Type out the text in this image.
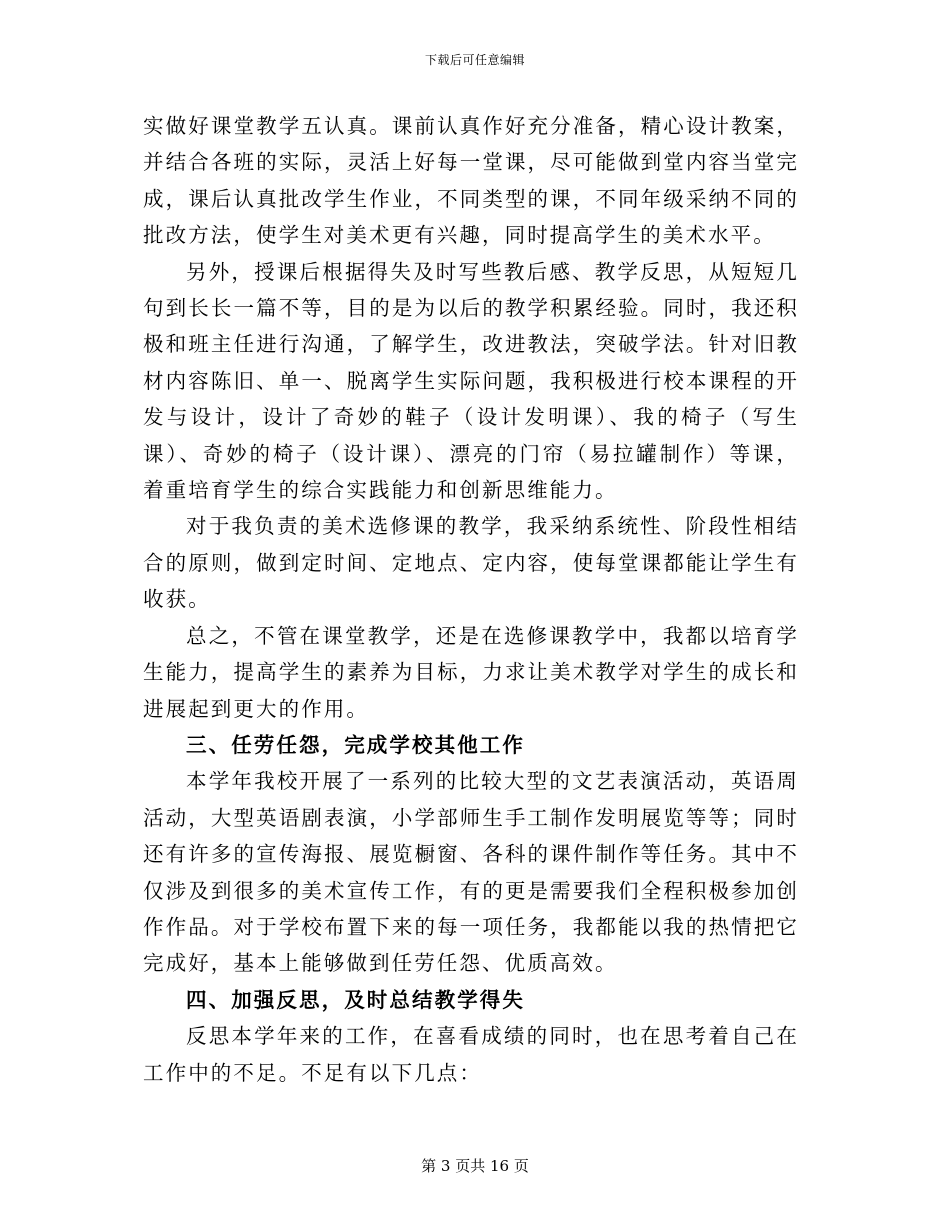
下载后可任意编辑

实做好课堂教学五认真。课前认真作好充分准备，精心设计教案，并结合各班的实际，灵活上好每一堂课，尽可能做到堂内容当堂完成，课后认真批改学生作业，不同类型的课，不同年级采纳不同的批改方法，使学生对美术更有兴趣，同时提高学生的美术水平。

另外，授课后根据得失及时写些教后感、教学反思，从短短几句到长长一篇不等，目的是为以后的教学积累经验。同时，我还积极和班主任进行沟通，了解学生，改进教法，突破学法。针对旧教材内容陈旧、单一、脱离学生实际问题，我积极进行校本课程的开发与设计，设计了奇妙的鞋子（设计发明课）、我的椅子（写生课）、奇妙的椅子（设计课）、漂亮的门帘（易拉罐制作）等课，着重培育学生的综合实践能力和创新思维能力。

对于我负责的美术选修课的教学，我采纳系统性、阶段性相结合的原则，做到定时间、定地点、定内容，使每堂课都能让学生有收获。

总之，不管在课堂教学，还是在选修课教学中，我都以培育学生能力，提高学生的素养为目标，力求让美术教学对学生的成长和进展起到更大的作用。

三、任劳任怨，完成学校其他工作

本学年我校开展了一系列的比较大型的文艺表演活动，英语周活动，大型英语剧表演，小学部师生手工制作发明展览等等；同时还有许多的宣传海报、展览橱窗、各科的课件制作等任务。其中不仅涉及到很多的美术宣传工作，有的更是需要我们全程积极参加创作作品。对于学校布置下来的每一项任务，我都能以我的热情把它完成好，基本上能够做到任劳任怨、优质高效。

四、加强反思，及时总结教学得失

反思本学年来的工作，在喜看成绩的同时，也在思考着自己在工作中的不足。不足有以下几点：

第 3 页共 16 页
